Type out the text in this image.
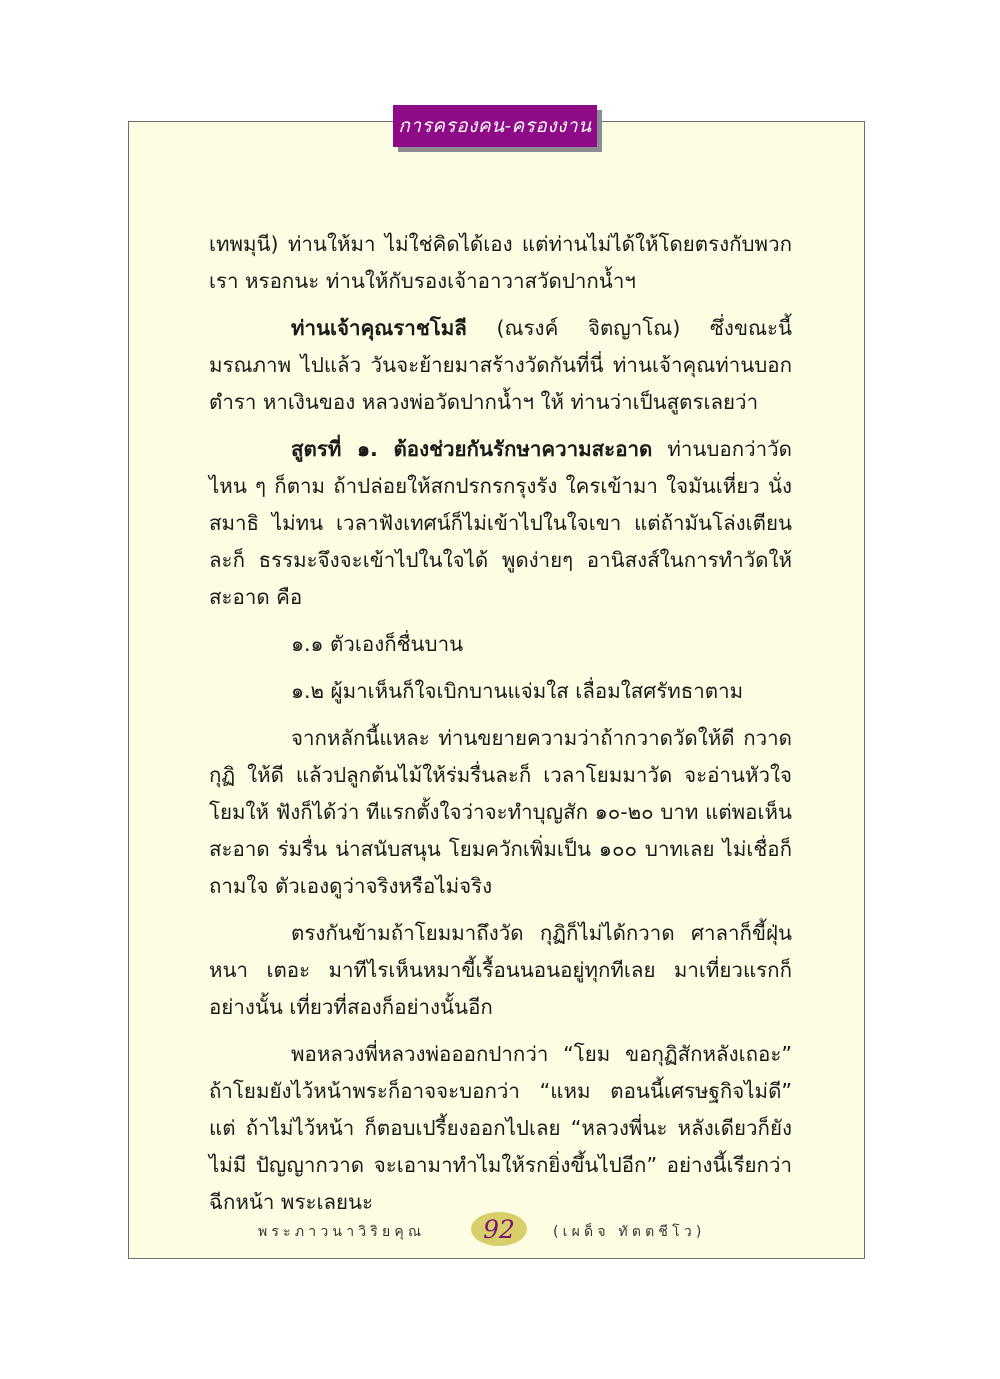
การครองคน-ครองงาน

เทพมุนี) ท่านให้มา ไม่ใช่คิดได้เอง แต่ท่านไม่ได้ให้โดยตรงกับพวกเรา หรอกนะ ท่านให้กับรองเจ้าอาวาสวัดปากน้ำฯ

ท่านเจ้าคุณราชโมลี (ณรงค์ จิตญาโณ) ซึ่งขณะนี้มรณภาพ ไปแล้ว วันจะย้ายมาสร้างวัดกันที่นี่ ท่านเจ้าคุณท่านบอกตำรา หาเงินของ หลวงพ่อวัดปากน้ำฯ ให้ ท่านว่าเป็นสูตรเลยว่า

สูตรที่ ๑. ต้องช่วยกันรักษาความสะอาด ท่านบอกว่าวัดไหน ๆ ก็ตาม ถ้าปล่อยให้สกปรกรกรุงรัง ใครเข้ามา ใจมันเหี่ยว นั่งสมาธิ ไม่ทน เวลาฟังเทศน์ก็ไม่เข้าไปในใจเขา แต่ถ้ามันโล่งเตียนละก็ ธรรมะจึงจะเข้าไปในใจได้ พูดง่ายๆ อานิสงส์ในการทำวัดให้สะอาด คือ

๑.๑ ตัวเองก็ชื่นบาน

๑.๒ ผู้มาเห็นก็ใจเบิกบานแจ่มใส เลื่อมใสศรัทธาตาม

จากหลักนี้แหละ ท่านขยายความว่าถ้ากวาดวัดให้ดี กวาดกุฏิ ให้ดี แล้วปลูกต้นไม้ให้ร่มรื่นละก็ เวลาโยมมาวัด จะอ่านหัวใจโยมให้ ฟังก็ได้ว่า ทีแรกตั้งใจว่าจะทำบุญสัก ๑๐-๒๐ บาท แต่พอเห็นสะอาด ร่มรื่น น่าสนับสนุน โยมควักเพิ่มเป็น ๑๐๐ บาทเลย ไม่เชื่อก็ถามใจ ตัวเองดูว่าจริงหรือไม่จริง

ตรงกันข้ามถ้าโยมมาถึงวัด กุฏิก็ไม่ได้กวาด ศาลาก็ขี้ฝุ่นหนา เตอะ มาทีไรเห็นหมาขี้เรื้อนนอนอยู่ทุกทีเลย มาเที่ยวแรกก็อย่างนั้น เที่ยวที่สองก็อย่างนั้นอีก

พอหลวงพี่หลวงพ่อออกปากว่า “โยม ขอกุฏิสักหลังเถอะ” ถ้าโยมยังไว้หน้าพระก็อาจจะบอกว่า “แหม ตอนนี้เศรษฐกิจไม่ดี” แต่ ถ้าไม่ไว้หน้า ก็ตอบเปรี้ยงออกไปเลย “หลวงพี่นะ หลังเดียวก็ยังไม่มี ปัญญากวาด จะเอามาทำไมให้รกยิ่งขึ้นไปอีก” อย่างนี้เรียกว่า ฉีกหน้า พระเลยนะ

พระภาวนาวิริยคุณ 92	(เผด็จ ทัตตชีโว)
